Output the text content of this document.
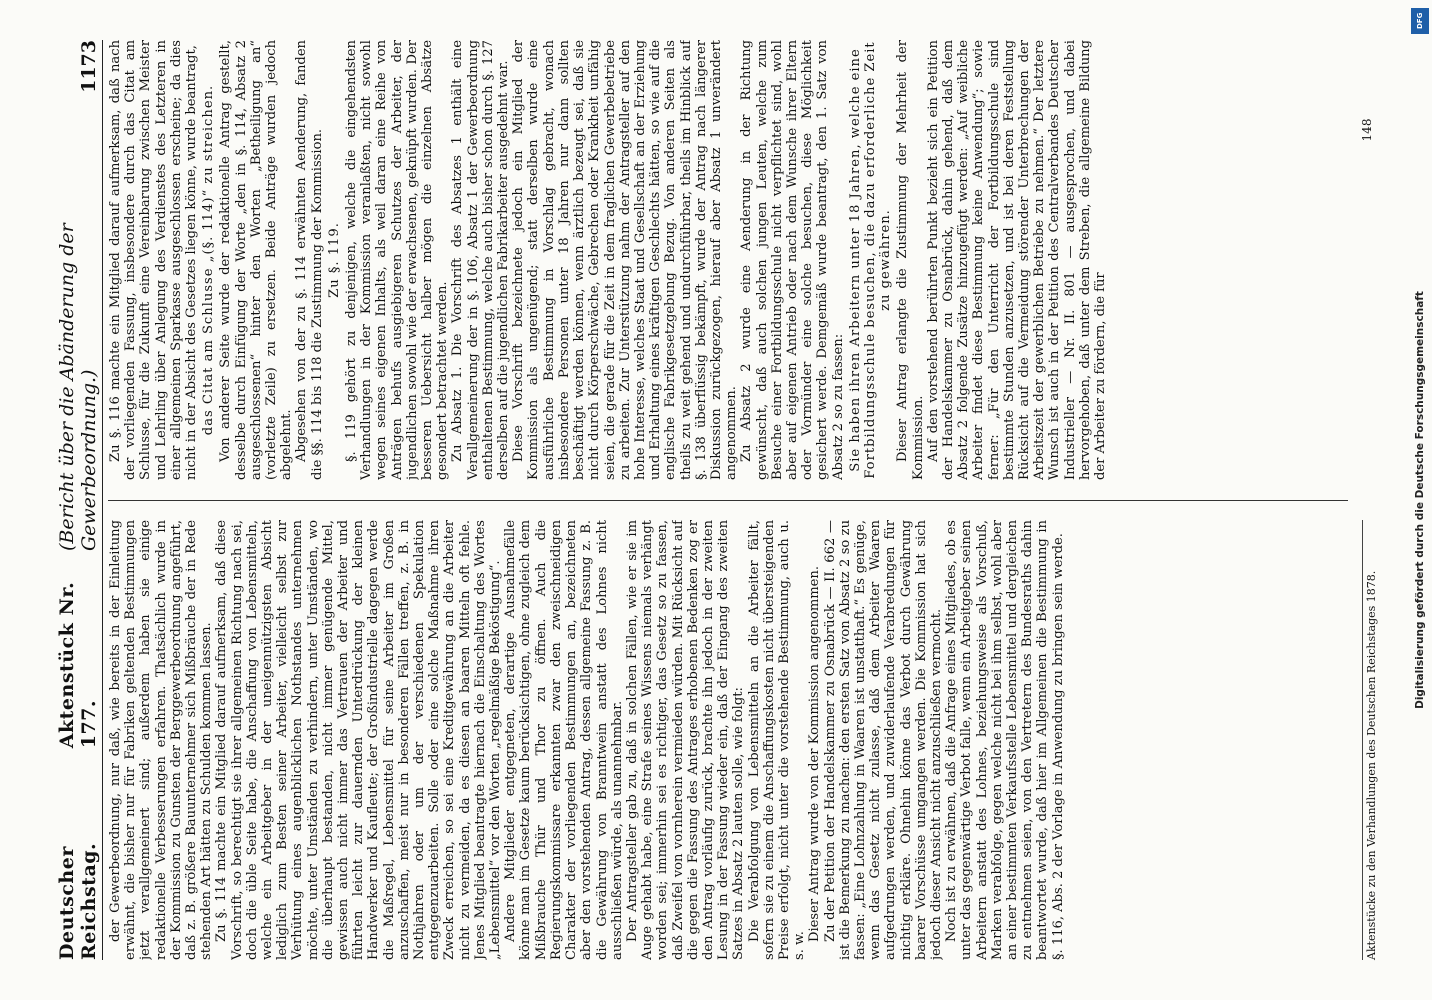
Deutscher Reichstag.
Aktenstück Nr. 177.
(Bericht über die Abänderung der Gewerbeordnung.)
1173

der Gewerbeordnung, nur daß, wie bereits in der Einleitung erwähnt, die bisher nur für Fabriken geltenden Bestimmungen jetzt verallgemeinert sind; außerdem haben sie einige redaktionelle Verbesserungen erfahren. Thatsächlich wurde in der Kommission zu Gunsten der Berggewerbeordnung angeführt, daß z. B. größere Bauunternehmer sich Mißbräuche der in Rede stehenden Art hätten zu Schulden kommen lassen. Zu §. 114 machte ein Mitglied darauf aufmerksam, daß diese Vorschrift, so berechtigt sie ihrer allgemeinen Richtung nach sei, doch die üble Seite habe, die Anschaffung von Lebensmitteln, welche ein Arbeitgeber in der uneigennützigsten Absicht lediglich zum Besten seiner Arbeiter, vielleicht selbst zur Verhütung eines augenblicklichen Nothstandes unternehmen möchte, unter Umständen zu verhindern, unter Umständen, wo die überhaupt bestanden, nicht immer genügende Mittel, gewissen auch nicht immer das Vertrauen der Arbeiter und führten leicht zur dauernden Unterdrückung der kleinen Handwerker und Kaufleute; der Großindustrielle dagegen werde die Maßregel, Lebensmittel für seine Arbeiter im Großen anzuschaffen, meist nur in besonderen Fällen treffen, z. B. in Nothjahren oder um der verschiedenen Spekulation entgegenzuarbeiten. Solle oder eine solche Maßnahme ihren Zweck erreichen, so sei eine Kreditgewährung an die Arbeiter nicht zu vermeiden, da es diesen an baaren Mitteln oft fehle. Jenes Mitglied beantragte hiernach die Einschaltung des Wortes „Lebensmittel“ vor den Worten „regelmäßige Beköstigung“. Andere Mitglieder entgegneten, derartige Ausnahmefälle könne man im Gesetze kaum berücksichtigen, ohne zugleich dem Mißbrauche Thür und Thor zu öffnen. Auch die Regierungskommissare erkannten zwar den zweischneidigen Charakter der vorliegenden Bestimmungen an, bezeichneten aber den vorstehenden Antrag, dessen allgemeine Fassung z. B. die Gewährung von Branntwein anstatt des Lohnes nicht ausschließen würde, als unannehmbar. Der Antragsteller gab zu, daß in solchen Fällen, wie er sie im Auge gehabt habe, eine Strafe seines Wissens niemals verhängt worden sei; immerhin sei es richtiger, das Gesetz so zu fassen, daß Zweifel von vornherein vermieden würden. Mit Rücksicht auf die gegen die Fassung des Antrages erhobenen Bedenken zog er den Antrag vorläufig zurück, brachte ihn jedoch in der zweiten Lesung in der Fassung wieder ein, daß der Eingang des zweiten Satzes in Absatz 2 lauten solle, wie folgt: Die Verabfolgung von Lebensmitteln an die Arbeiter fällt, sofern sie zu einem die Anschaffungskosten nicht übersteigenden Preise erfolgt, nicht unter die vorstehende Bestimmung, auch u. s. w.

Dieser Antrag wurde von der Kommission angenommen. Zu der Petition der Handelskammer zu Osnabrück — II. 662 — ist die Bemerkung zu machen: den ersten Satz von Absatz 2 so zu fassen: „Eine Lohnzahlung in Waaren ist unstatthaft.“ Es genüge, wenn das Gesetz nicht zulasse, daß dem Arbeiter Waaren aufgedrungen werden, und zuwiderlaufende Verabredungen für nichtig erkläre. Ohnehin könne das Verbot durch Gewährung baarer Vorschüsse umgangen werden. Die Kommission hat sich jedoch dieser Ansicht nicht anzuschließen vermocht. Noch ist zu erwähnen, daß die Anfrage eines Mitgliedes, ob es unter das gegenwärtige Verbot falle, wenn ein Arbeitgeber seinen Arbeitern anstatt des Lohnes, beziehungsweise als Vorschuß, Marken verabfolge, gegen welche nicht bei ihm selbst, wohl aber an einer bestimmten Verkaufsstelle Lebensmittel und dergleichen zu entnehmen seien, von den Vertretern des Bundesraths dahin beantwortet wurde, daß hier im Allgemeinen die Bestimmung in §. 116, Abs. 2 der Vorlage in Anwendung zu bringen sein werde.

Zu §. 116 machte ein Mitglied darauf aufmerksam, daß nach der vorliegenden Fassung, insbesondere durch das Citat am Schlusse, für die Zukunft eine Vereinbarung zwischen Meister und Lehrling über Anlegung des Verdienstes des Letzteren in einer allgemeinen Sparkasse ausgeschlossen erscheine; da dies nicht in der Absicht des Gesetzes liegen könne, wurde beantragt, das Citat am Schlusse „(§. 114)“ zu streichen. Von anderer Seite wurde der redaktionelle Antrag gestellt, desselbe durch Einfügung der Worte „den in §. 114, Absatz 2 ausgeschlossenen“ hinter den Worten „Betheiligung an“ (vorletzte Zeile) zu ersetzen. Beide Anträge wurden jedoch abgelehnt. Abgesehen von der zu §. 114 erwähnten Aenderung, fanden die §§. 114 bis 118 die Zustimmung der Kommission. Zu §. 119. §. 119 gehört zu denjenigen, welche die eingehendsten Verhandlungen in der Kommission veranlaßten, nicht sowohl wegen seines eigenen Inhalts, als weil daran eine Reihe von Anträgen behufs ausgiebigeren Schutzes der Arbeiter, der jugendlichen sowohl wie der erwachsenen, geknüpft wurden. Der besseren Uebersicht halber mögen die einzelnen Absätze gesondert betrachtet werden. Zu Absatz 1. Die Vorschrift des Absatzes 1 enthält eine Verallgemeinerung der in §. 106, Absatz 1 der Gewerbeordnung enthaltenen Bestimmung, welche auch bisher schon durch §. 127 derselben auf die jugendlichen Fabrikarbeiter ausgedehnt war. Diese Vorschrift bezeichnete jedoch ein Mitglied der Kommission als ungenügend; statt derselben wurde eine ausführliche Bestimmung in Vorschlag gebracht, wonach insbesondere Personen unter 18 Jahren nur dann sollten beschäftigt werden können, wenn ärztlich bezeugt sei, daß sie nicht durch Körperschwäche, Gebrechen oder Krankheit unfähig seien, die gerade für die Zeit in dem fraglichen Gewerbebetriebe zu arbeiten. Zur Unterstützung nahm der Antragsteller auf den hohe Interesse, welches Staat und Gesellschaft an der Erziehung und Erhaltung eines kräftigen Geschlechts hätten, so wie auf die englische Fabrikgesetzgebung Bezug. Von anderen Seiten als theils zu weit gehend und undurchführbar, theils im Hinblick auf §. 138 überflüssig bekämpft, wurde der Antrag nach längerer Diskussion zurückgezogen, hierauf aber Absatz 1 unverändert angenommen. Zu Absatz 2 wurde eine Aenderung in der Richtung gewünscht, daß auch solchen jungen Leuten, welche zum Besuche einer Fortbildungsschule nicht verpflichtet sind, wohl aber auf eigenen Antrieb oder nach dem Wunsche ihrer Eltern oder Vormünder eine solche besuchen, diese Möglichkeit gesichert werde. Demgemäß wurde beantragt, den 1. Satz von Absatz 2 so zu fassen: Sie haben ihren Arbeitern unter 18 Jahren, welche eine Fortbildungsschule besuchen, die dazu erforderliche Zeit zu gewähren. Dieser Antrag erlangte die Zustimmung der Mehrheit der Kommission. Auf den vorstehend berührten Punkt bezieht sich ein Petition der Handelskammer zu Osnabrück, dahin gehend, daß dem Absatz 2 folgende Zusätze hinzugefügt werden: „Auf weibliche Arbeiter findet diese Bestimmung keine Anwendung“; sowie ferner: „Für den Unterricht der Fortbildungsschule sind bestimmte Stunden anzusetzen, und ist bei deren Feststellung Rücksicht auf die Vermeidung störender Unterbrechungen der Arbeitszeit der gewerblichen Betriebe zu nehmen.“ Der letztere Wunsch ist auch in der Petition des Centralverbandes Deutscher Industrieller — Nr. II. 801 — ausgesprochen, und dabei hervorgehoben, daß unter dem Streben, die allgemeine Bildung der Arbeiter zu fördern, die für

Aktenstücke zu den Verhandlungen des Deutschen Reichstages 1878.
148
Digitalisierung gefördert durch die Deutsche Forschungsgemeinschaft
DFG
